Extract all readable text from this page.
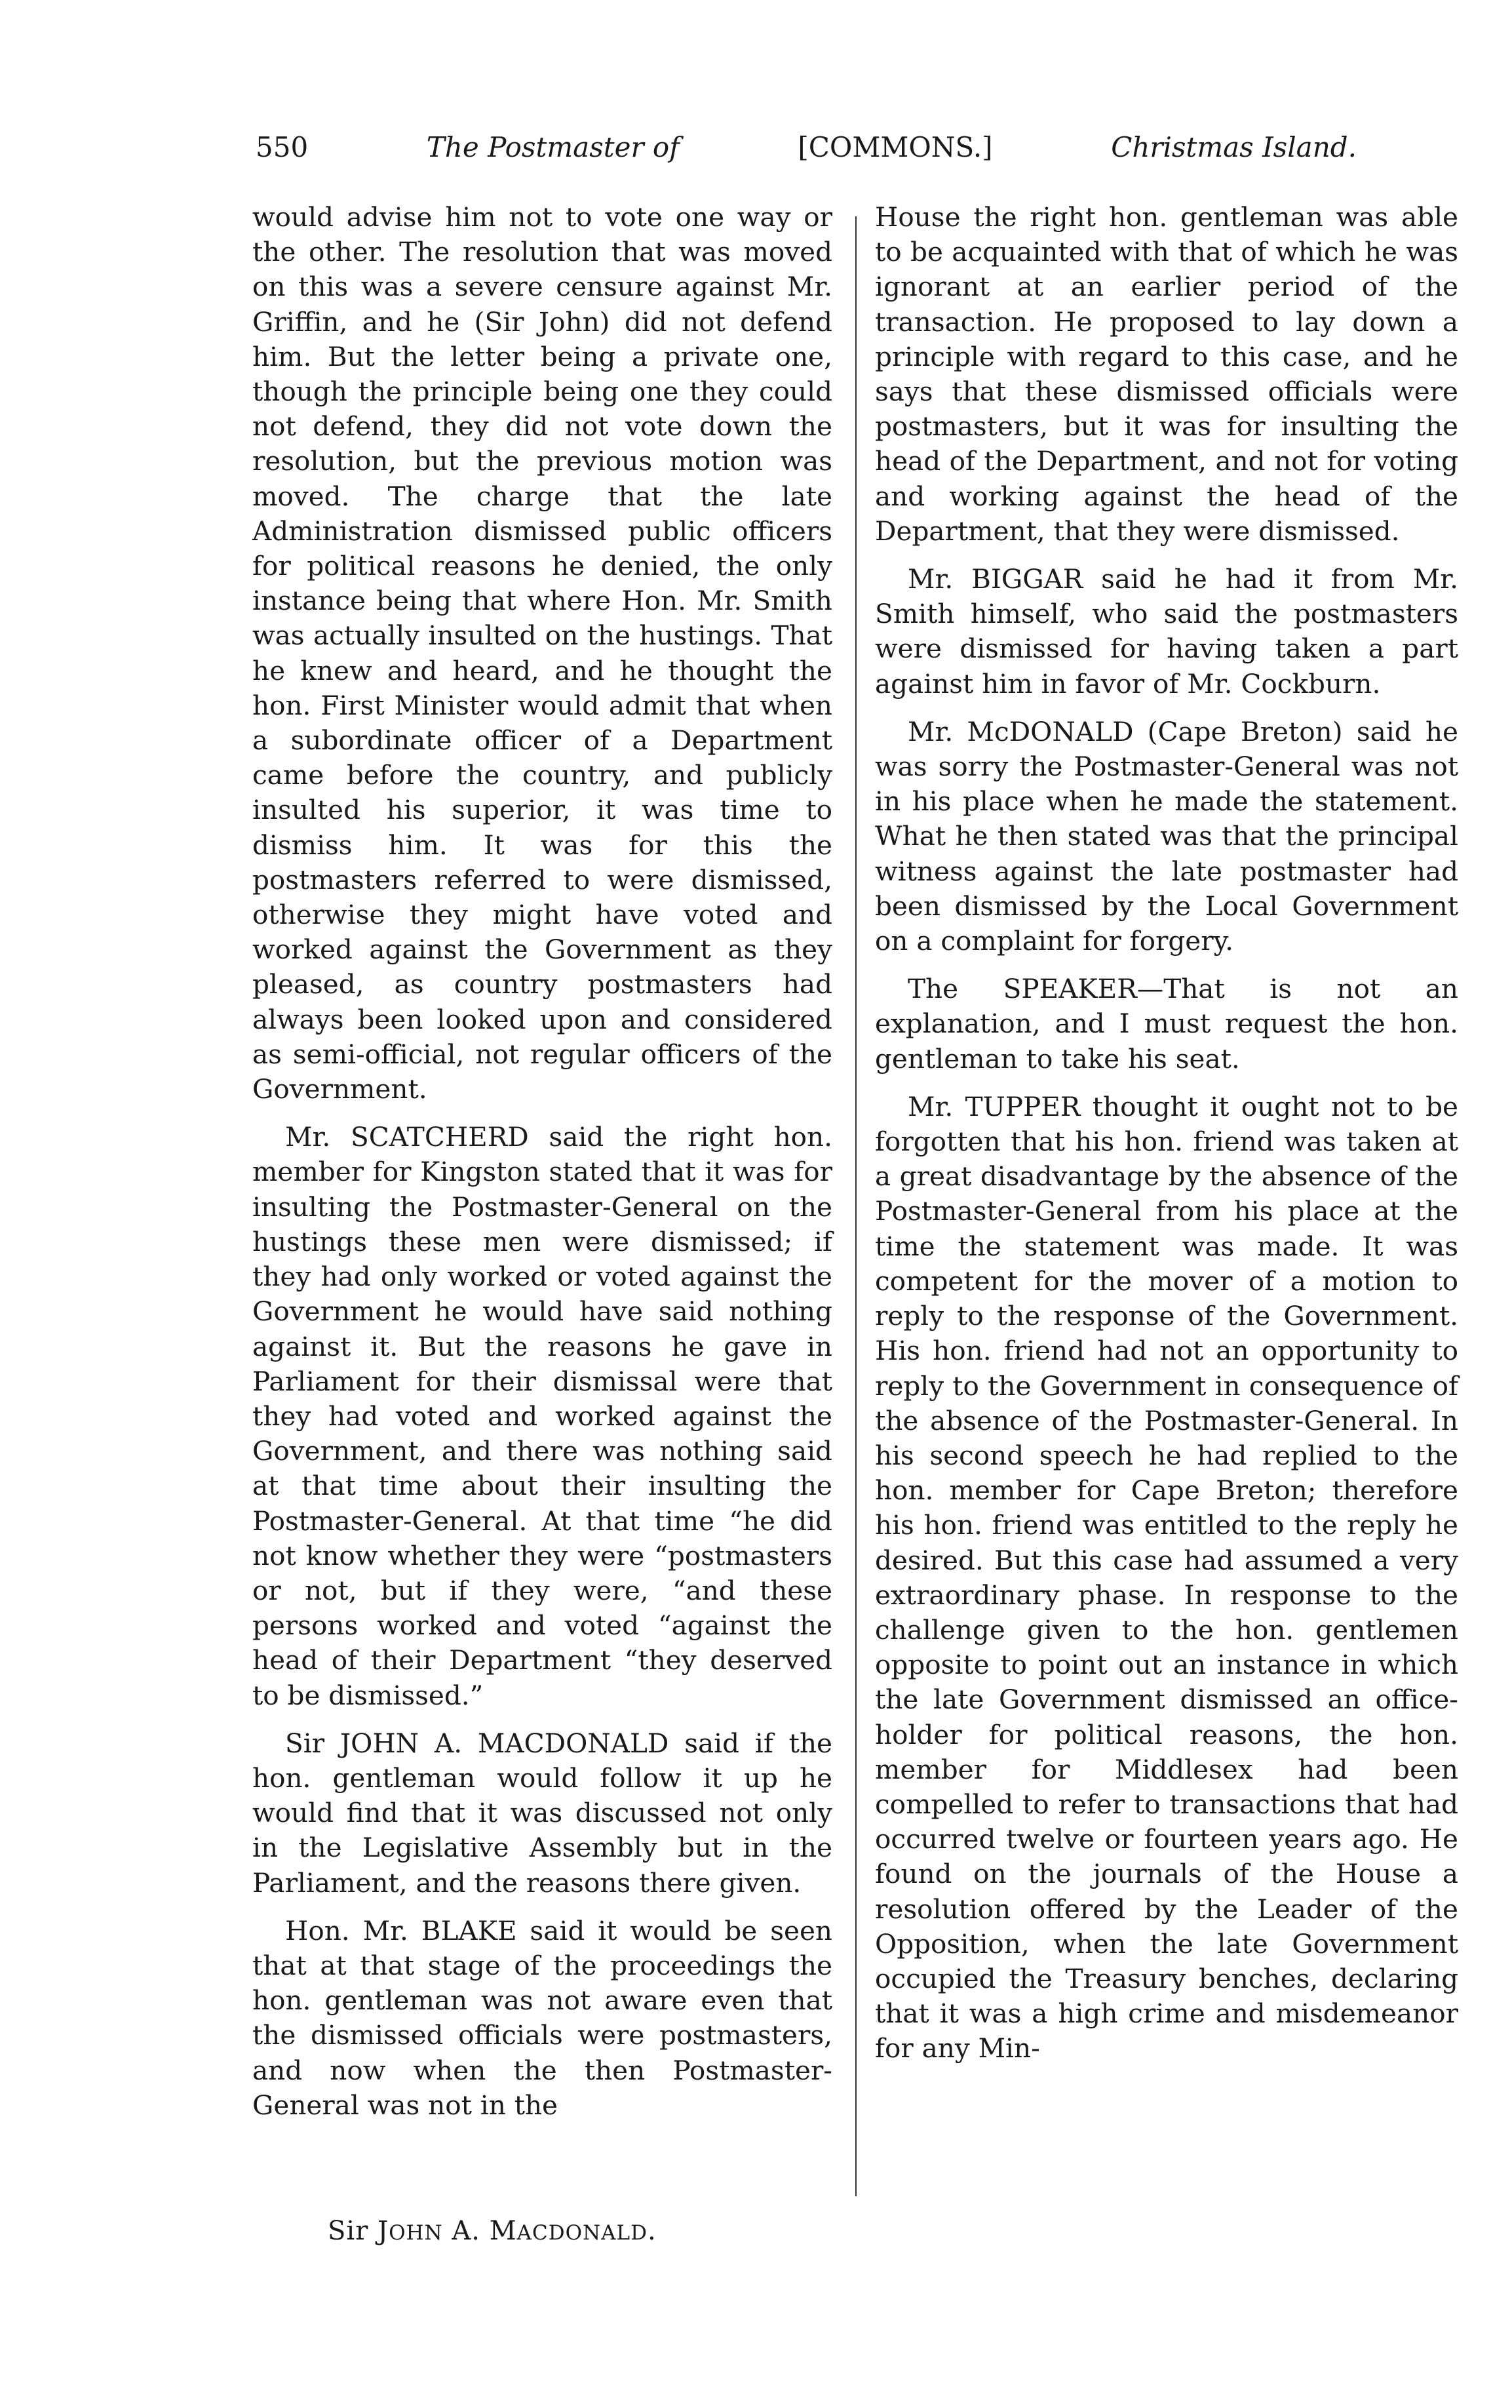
550	The Postmaster of	[COMMONS.]	Christmas Island.

would advise him not to vote one way or the other. The resolution that was moved on this was a severe censure against Mr. Griffin, and he (Sir John) did not defend him. But the letter being a private one, though the principle being one they could not defend, they did not vote down the resolution, but the previous motion was moved. The charge that the late Administration dismissed public officers for political reasons he denied, the only instance being that where Hon. Mr. Smith was actually insulted on the hustings. That he knew and heard, and he thought the hon. First Minister would admit that when a subordinate officer of a Department came before the country, and publicly insulted his superior, it was time to dismiss him. It was for this the postmasters referred to were dismissed, otherwise they might have voted and worked against the Government as they pleased, as country postmasters had always been looked upon and considered as semi-official, not regular officers of the Government.

Mr. SCATCHERD said the right hon. member for Kingston stated that it was for insulting the Postmaster-General on the hustings these men were dismissed; if they had only worked or voted against the Government he would have said nothing against it. But the reasons he gave in Parliament for their dismissal were that they had voted and worked against the Government, and there was nothing said at that time about their insulting the Postmaster-General. At that time “he did not know whether they were “postmasters or not, but if they were, “and these persons worked and voted “against the head of their Department “they deserved to be dismissed.”

Sir JOHN A. MACDONALD said if the hon. gentleman would follow it up he would find that it was discussed not only in the Legislative Assembly but in the Parliament, and the reasons there given.

Hon. Mr. BLAKE said it would be seen that at that stage of the proceedings the hon. gentleman was not aware even that the dismissed officials were postmasters, and now when the then Postmaster-General was not in the

House the right hon. gentleman was able to be acquainted with that of which he was ignorant at an earlier period of the transaction. He proposed to lay down a principle with regard to this case, and he says that these dismissed officials were postmasters, but it was for insulting the head of the Department, and not for voting and working against the head of the Department, that they were dismissed.

Mr. BIGGAR said he had it from Mr. Smith himself, who said the postmasters were dismissed for having taken a part against him in favor of Mr. Cockburn.

Mr. McDONALD (Cape Breton) said he was sorry the Postmaster-General was not in his place when he made the statement. What he then stated was that the principal witness against the late postmaster had been dismissed by the Local Government on a complaint for forgery.

The SPEAKER—That is not an explanation, and I must request the hon. gentleman to take his seat.

Mr. TUPPER thought it ought not to be forgotten that his hon. friend was taken at a great disadvantage by the absence of the Postmaster-General from his place at the time the statement was made. It was competent for the mover of a motion to reply to the response of the Government. His hon. friend had not an opportunity to reply to the Government in consequence of the absence of the Postmaster-General. In his second speech he had replied to the hon. member for Cape Breton; therefore his hon. friend was entitled to the reply he desired. But this case had assumed a very extraordinary phase. In response to the challenge given to the hon. gentlemen opposite to point out an instance in which the late Government dismissed an office-holder for political reasons, the hon. member for Middlesex had been compelled to refer to transactions that had occurred twelve or fourteen years ago. He found on the journals of the House a resolution offered by the Leader of the Opposition, when the late Government occupied the Treasury benches, declaring that it was a high crime and misdemeanor for any Min-

Sir JOHN A. MACDONALD.
